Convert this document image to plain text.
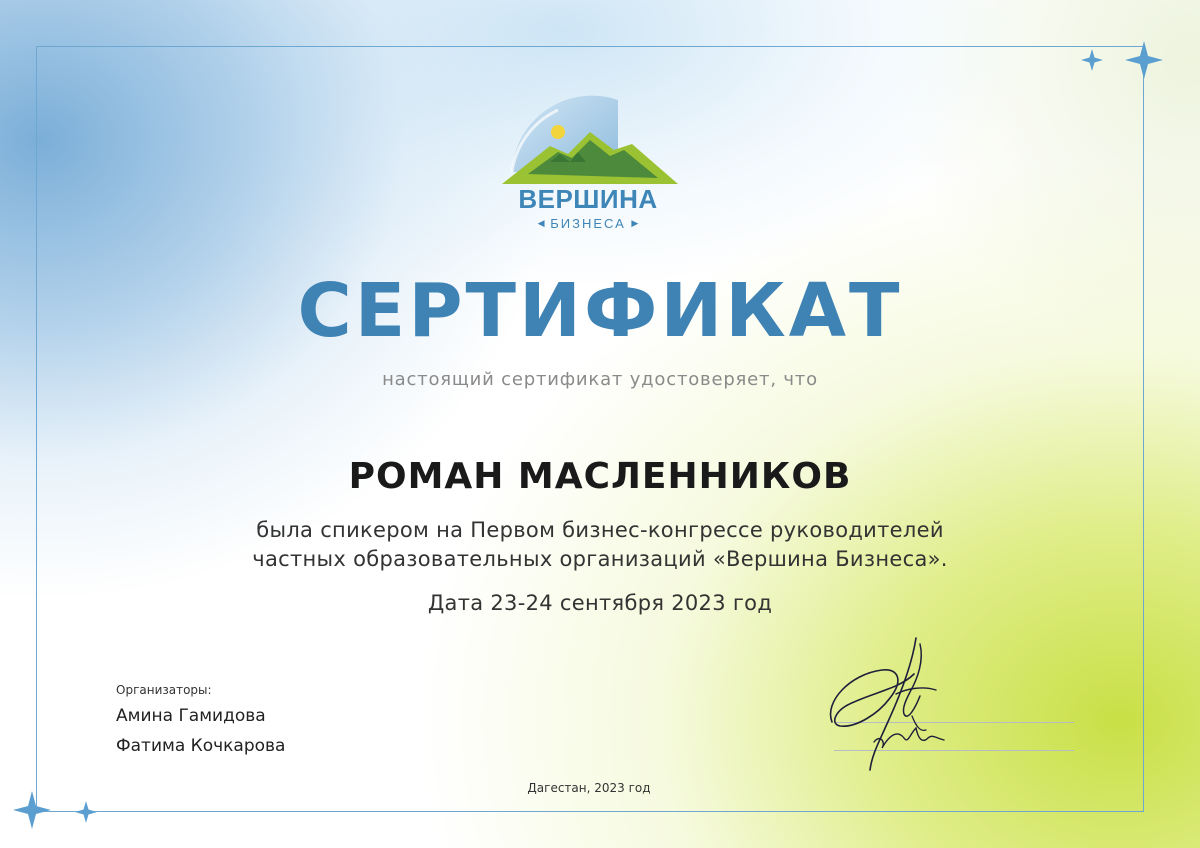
ВЕРШИНА
◀ БИЗНЕСА ▶
СЕРТИФИКАТ
настоящий сертификат удостоверяет, что
РОМАН МАСЛЕННИКОВ
была спикером на Первом бизнес-конгрессе руководителей
частных образовательных организаций «Вершина Бизнеса».
Дата 23-24 сентября 2023 год
Организаторы:
Амина Гамидова
Фатима Кочкарова
Дагестан, 2023 год
